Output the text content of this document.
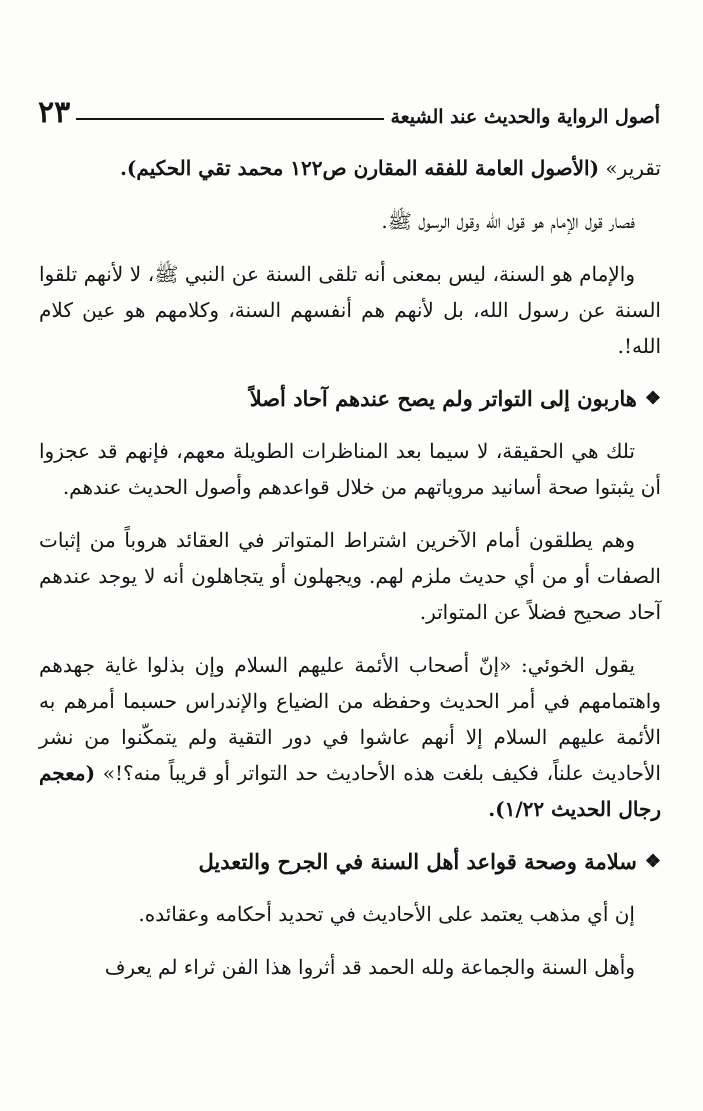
أصول الرواية والحديث عند الشيعة
٢٣

تقرير» (الأصول العامة للفقه المقارن ص١٢٢ محمد تقي الحكيم).

فصار قول الإمام هو قول الله وقول الرسول ﷺ.

والإمام هو السنة، ليس بمعنى أنه تلقى السنة عن النبي ﷺ، لا لأنهم تلقوا السنة عن رسول الله، بل لأنهم هم أنفسهم السنة، وكلامهم هو عين كلام الله!.

❖
هاربون إلى التواتر ولم يصح عندهم آحاد أصلاً

تلك هي الحقيقة، لا سيما بعد المناظرات الطويلة معهم، فإنهم قد عجزوا أن يثبتوا صحة أسانيد مروياتهم من خلال قواعدهم وأصول الحديث عندهم.

وهم يطلقون أمام الآخرين اشتراط المتواتر في العقائد هروباً من إثبات الصفات أو من أي حديث ملزم لهم. ويجهلون أو يتجاهلون أنه لا يوجد عندهم آحاد صحيح فضلاً عن المتواتر.

يقول الخوئي: «إنّ أصحاب الأئمة عليهم السلام وإن بذلوا غاية جهدهم واهتمامهم في أمر الحديث وحفظه من الضياع والإندراس حسبما أمرهم به الأئمة عليهم السلام إلا أنهم عاشوا في دور التقية ولم يتمكّنوا من نشر الأحاديث علناً، فكيف بلغت هذه الأحاديث حد التواتر أو قريباً منه؟!» (معجم رجال الحديث ١/٢٢).

❖
سلامة وصحة قواعد أهل السنة في الجرح والتعديل

إن أي مذهب يعتمد على الأحاديث في تحديد أحكامه وعقائده.

وأهل السنة والجماعة ولله الحمد قد أثروا هذا الفن ثراء لم يعرف
